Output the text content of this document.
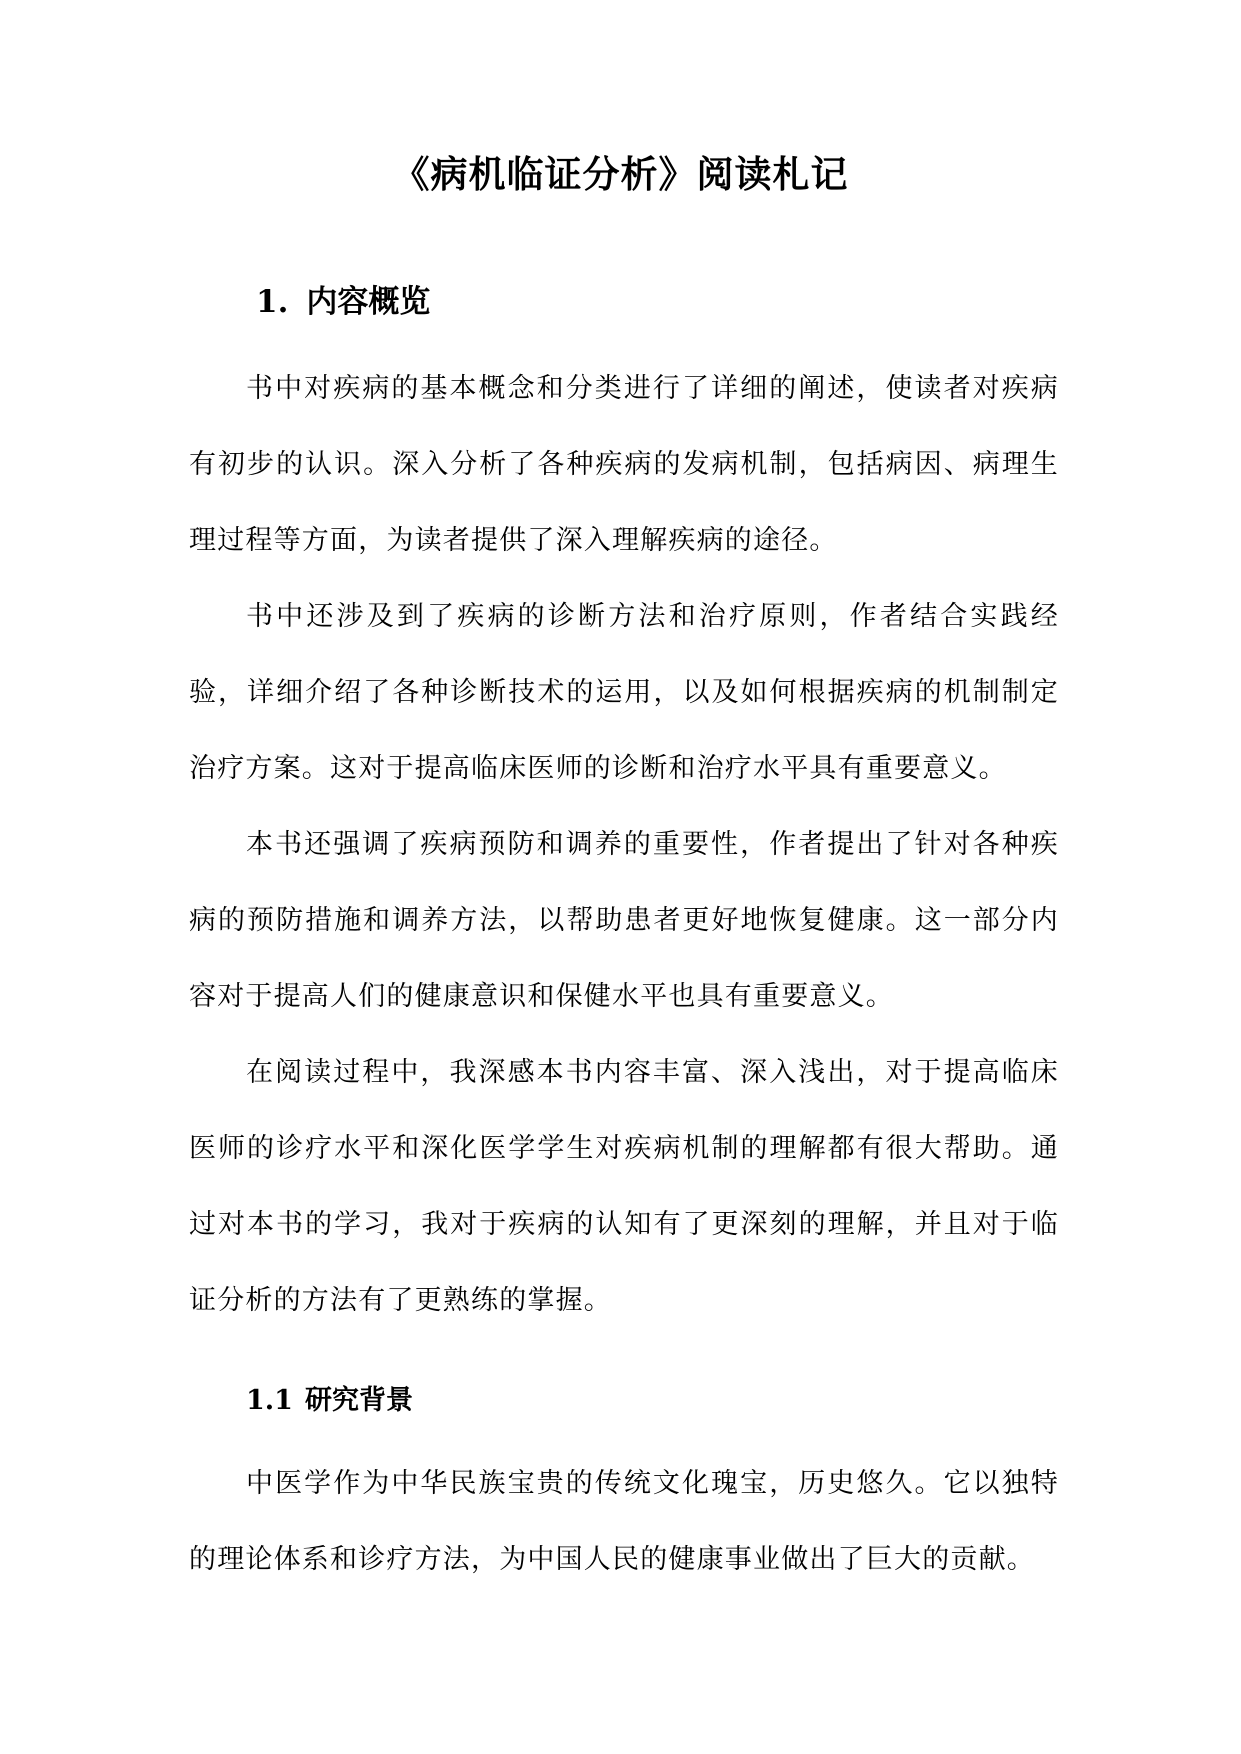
《病机临证分析》阅读札记
1. 内容概览

书中对疾病的基本概念和分类进行了详细的阐述，使读者对疾病有初步的认识。深入分析了各种疾病的发病机制，包括病因、病理生理过程等方面，为读者提供了深入理解疾病的途径。

书中还涉及到了疾病的诊断方法和治疗原则，作者结合实践经验，详细介绍了各种诊断技术的运用，以及如何根据疾病的机制制定治疗方案。这对于提高临床医师的诊断和治疗水平具有重要意义。

本书还强调了疾病预防和调养的重要性，作者提出了针对各种疾病的预防措施和调养方法，以帮助患者更好地恢复健康。这一部分内容对于提高人们的健康意识和保健水平也具有重要意义。

在阅读过程中，我深感本书内容丰富、深入浅出，对于提高临床医师的诊疗水平和深化医学学生对疾病机制的理解都有很大帮助。通过对本书的学习，我对于疾病的认知有了更深刻的理解，并且对于临证分析的方法有了更熟练的掌握。

1.1 研究背景

中医学作为中华民族宝贵的传统文化瑰宝，历史悠久。它以独特的理论体系和诊疗方法，为中国人民的健康事业做出了巨大的贡献。
